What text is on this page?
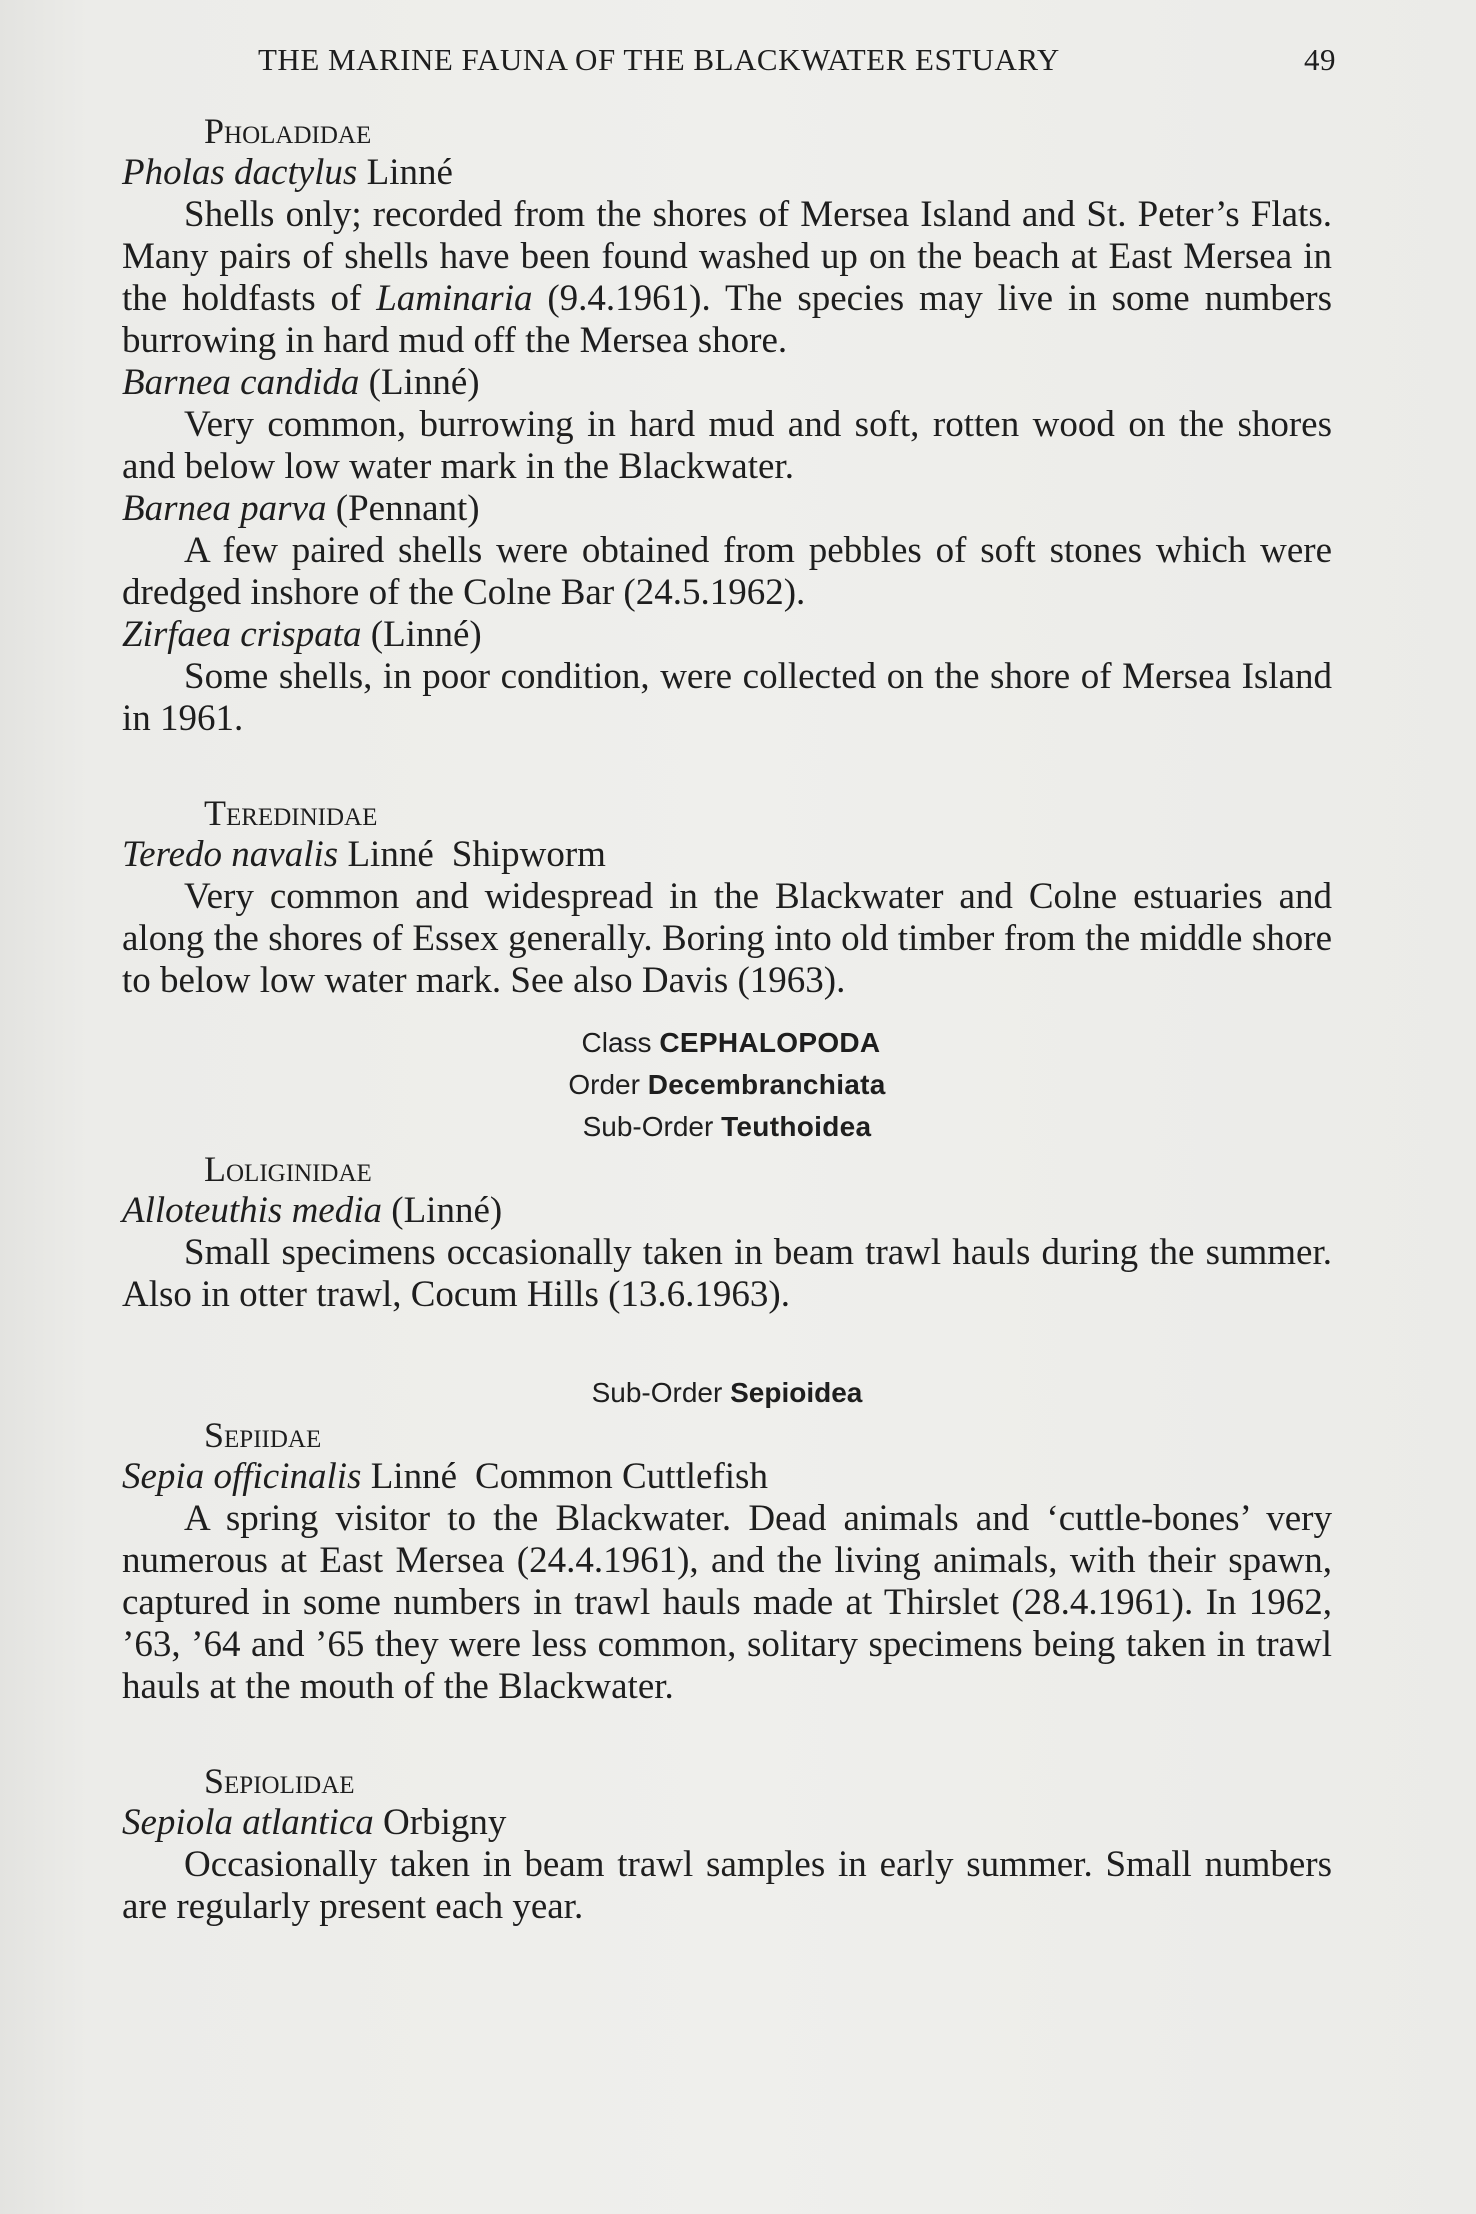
THE MARINE FAUNA OF THE BLACKWATER ESTUARY	49
Pholadidae
Pholas dactylus Linné
Shells only; recorded from the shores of Mersea Island and St. Peter’s Flats. Many pairs of shells have been found washed up on the beach at East Mersea in the holdfasts of Laminaria (9.4.1961). The species may live in some numbers burrowing in hard mud off the Mersea shore.
Barnea candida (Linné)
Very common, burrowing in hard mud and soft, rotten wood on the shores and below low water mark in the Blackwater.
Barnea parva (Pennant)
A few paired shells were obtained from pebbles of soft stones which were dredged inshore of the Colne Bar (24.5.1962).
Zirfaea crispata (Linné)
Some shells, in poor condition, were collected on the shore of Mersea Island in 1961.
Teredinidae
Teredo navalis Linné Shipworm
Very common and widespread in the Blackwater and Colne estuaries and along the shores of Essex generally. Boring into old timber from the middle shore to below low water mark. See also Davis (1963).
Class CEPHALOPODA
Order Decembranchiata
Sub-Order Teuthoidea
Loliginidae
Alloteuthis media (Linné)
Small specimens occasionally taken in beam trawl hauls during the summer. Also in otter trawl, Cocum Hills (13.6.1963).
Sub-Order Sepioidea
Sepiidae
Sepia officinalis Linné Common Cuttlefish
A spring visitor to the Blackwater. Dead animals and ‘cuttle-bones’ very numerous at East Mersea (24.4.1961), and the living animals, with their spawn, captured in some numbers in trawl hauls made at Thirslet (28.4.1961). In 1962, ’63, ’64 and ’65 they were less common, solitary specimens being taken in trawl hauls at the mouth of the Blackwater.
Sepiolidae
Sepiola atlantica Orbigny
Occasionally taken in beam trawl samples in early summer. Small numbers are regularly present each year.
